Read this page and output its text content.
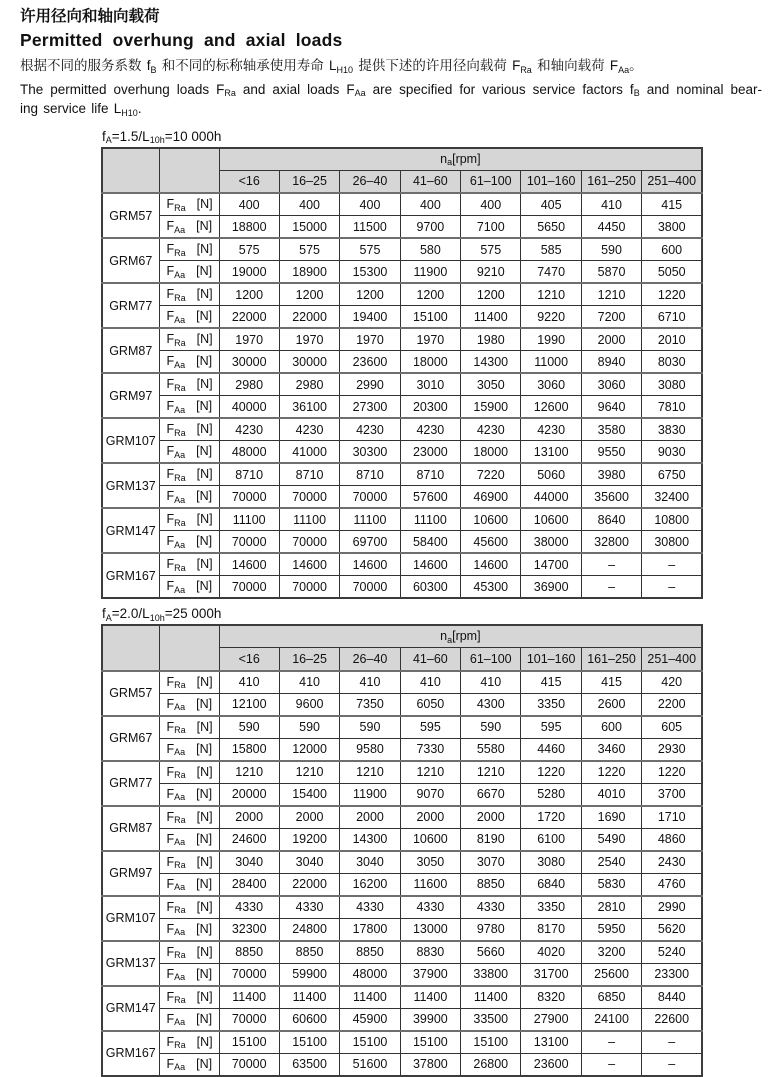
许用径向和轴向载荷
Permitted overhung and axial loads

根据不同的服务系数 fB 和不同的标称轴承使用寿命 LH10 提供下述的许用径向载荷 FRa 和轴向载荷 FAa。

The permitted overhung loads FRa and axial loads FAa are specified for various service factors fB and nominal bear-
ing service life LH10.

fA=1.5/L10h=10 000h
		$n_a[rpm]$							
		<16	16–25	26–40	41–60	61–100	101–160	161–250	251–400
GRM57	$F_{Ra}$ [N]	400	400	400	400	400	405	410	415
	$F_{Aa}$ [N]	18800	15000	11500	9700	7100	5650	4450	3800
GRM67	$F_{Ra}$ [N]	575	575	575	580	575	585	590	600
	$F_{Aa}$ [N]	19000	18900	15300	11900	9210	7470	5870	5050
GRM77	$F_{Ra}$ [N]	1200	1200	1200	1200	1200	1210	1210	1220
	$F_{Aa}$ [N]	22000	22000	19400	15100	11400	9220	7200	6710
GRM87	$F_{Ra}$ [N]	1970	1970	1970	1970	1980	1990	2000	2010
	$F_{Aa}$ [N]	30000	30000	23600	18000	14300	11000	8940	8030
GRM97	$F_{Ra}$ [N]	2980	2980	2990	3010	3050	3060	3060	3080
	$F_{Aa}$ [N]	40000	36100	27300	20300	15900	12600	9640	7810
GRM107	$F_{Ra}$ [N]	4230	4230	4230	4230	4230	4230	3580	3830
	$F_{Aa}$ [N]	48000	41000	30300	23000	18000	13100	9550	9030
GRM137	$F_{Ra}$ [N]	8710	8710	8710	8710	7220	5060	3980	6750
	$F_{Aa}$ [N]	70000	70000	70000	57600	46900	44000	35600	32400
GRM147	$F_{Ra}$ [N]	11100	11100	11100	11100	10600	10600	8640	10800
	$F_{Aa}$ [N]	70000	70000	69700	58400	45600	38000	32800	30800
GRM167	$F_{Ra}$ [N]	14600	14600	14600	14600	14600	14700	–	–
	$F_{Aa}$ [N]	70000	70000	70000	60300	45300	36900	–	–
fA=2.0/L10h=25 000h
		$n_a[rpm]$							
		<16	16–25	26–40	41–60	61–100	101–160	161–250	251–400
GRM57	$F_{Ra}$ [N]	410	410	410	410	410	415	415	420
	$F_{Aa}$ [N]	12100	9600	7350	6050	4300	3350	2600	2200
GRM67	$F_{Ra}$ [N]	590	590	590	595	590	595	600	605
	$F_{Aa}$ [N]	15800	12000	9580	7330	5580	4460	3460	2930
GRM77	$F_{Ra}$ [N]	1210	1210	1210	1210	1210	1220	1220	1220
	$F_{Aa}$ [N]	20000	15400	11900	9070	6670	5280	4010	3700
GRM87	$F_{Ra}$ [N]	2000	2000	2000	2000	2000	1720	1690	1710
	$F_{Aa}$ [N]	24600	19200	14300	10600	8190	6100	5490	4860
GRM97	$F_{Ra}$ [N]	3040	3040	3040	3050	3070	3080	2540	2430
	$F_{Aa}$ [N]	28400	22000	16200	11600	8850	6840	5830	4760
GRM107	$F_{Ra}$ [N]	4330	4330	4330	4330	4330	3350	2810	2990
	$F_{Aa}$ [N]	32300	24800	17800	13000	9780	8170	5950	5620
GRM137	$F_{Ra}$ [N]	8850	8850	8850	8830	5660	4020	3200	5240
	$F_{Aa}$ [N]	70000	59900	48000	37900	33800	31700	25600	23300
GRM147	$F_{Ra}$ [N]	11400	11400	11400	11400	11400	8320	6850	8440
	$F_{Aa}$ [N]	70000	60600	45900	39900	33500	27900	24100	22600
GRM167	$F_{Ra}$ [N]	15100	15100	15100	15100	15100	13100	–	–
	$F_{Aa}$ [N]	70000	63500	51600	37800	26800	23600	–	–
